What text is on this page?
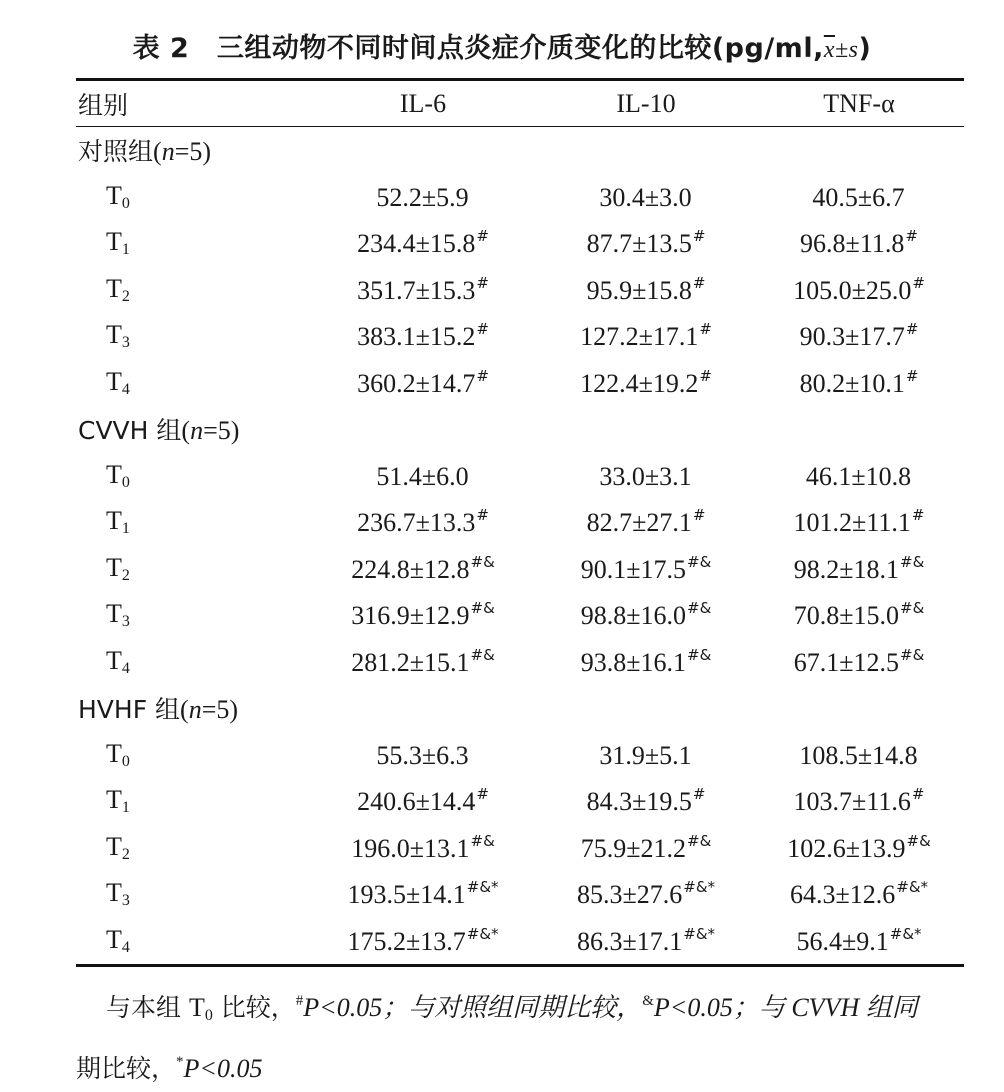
表 2　三组动物不同时间点炎症介质变化的比较$(pg/ml,\overline{x}\pm s)$
组别	IL-6	IL-10	TNF-α
对照组(n=5)			
$T_0$	52.2±5.9	30.4±3.0	40.5±6.7
$T_1$	234.4±15.8#	87.7±13.5#	96.8±11.8#
$T_2$	351.7±15.3#	95.9±15.8#	105.0±25.0#
$T_3$	383.1±15.2#	127.2±17.1#	90.3±17.7#
$T_4$	360.2±14.7#	122.4±19.2#	80.2±10.1#
CVVH 组(n=5)			
$T_0$	51.4±6.0	33.0±3.1	46.1±10.8
$T_1$	236.7±13.3#	82.7±27.1#	101.2±11.1#
$T_2$	224.8±12.8#&	90.1±17.5#&	98.2±18.1#&
$T_3$	316.9±12.9#&	98.8±16.0#&	70.8±15.0#&
$T_4$	281.2±15.1#&	93.8±16.1#&	67.1±12.5#&
HVHF 组(n=5)			
$T_0$	55.3±6.3	31.9±5.1	108.5±14.8
$T_1$	240.6±14.4#	84.3±19.5#	103.7±11.6#
$T_2$	196.0±13.1#&	75.9±21.2#&	102.6±13.9#&
$T_3$	193.5±14.1#&*	85.3±27.6#&*	64.3±12.6#&*
$T_4$	175.2±13.7#&*	86.3±17.1#&*	56.4±9.1#&*
与本组 $T_0$ 比较，#P<0.05；与对照组同期比较，&P<0.05；与 CVVH 组同
期比较，*P<0.05
